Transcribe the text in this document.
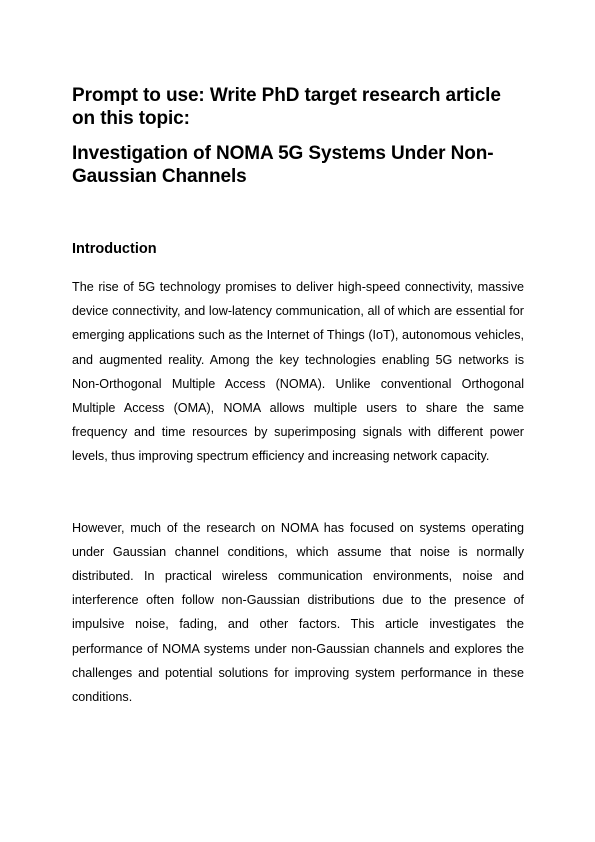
Prompt to use: Write PhD target research article on this topic:
Investigation of NOMA 5G Systems Under Non-Gaussian Channels
Introduction

The rise of 5G technology promises to deliver high-speed connectivity, massive device connectivity, and low-latency communication, all of which are essential for emerging applications such as the Internet of Things (IoT), autonomous vehicles, and augmented reality. Among the key technologies enabling 5G networks is Non-Orthogonal Multiple Access (NOMA). Unlike conventional Orthogonal Multiple Access (OMA), NOMA allows multiple users to share the same frequency and time resources by superimposing signals with different power levels, thus improving spectrum efficiency and increasing network capacity.

However, much of the research on NOMA has focused on systems operating under Gaussian channel conditions, which assume that noise is normally distributed. In practical wireless communication environments, noise and interference often follow non-Gaussian distributions due to the presence of impulsive noise, fading, and other factors. This article investigates the performance of NOMA systems under non-Gaussian channels and explores the challenges and potential solutions for improving system performance in these conditions.
